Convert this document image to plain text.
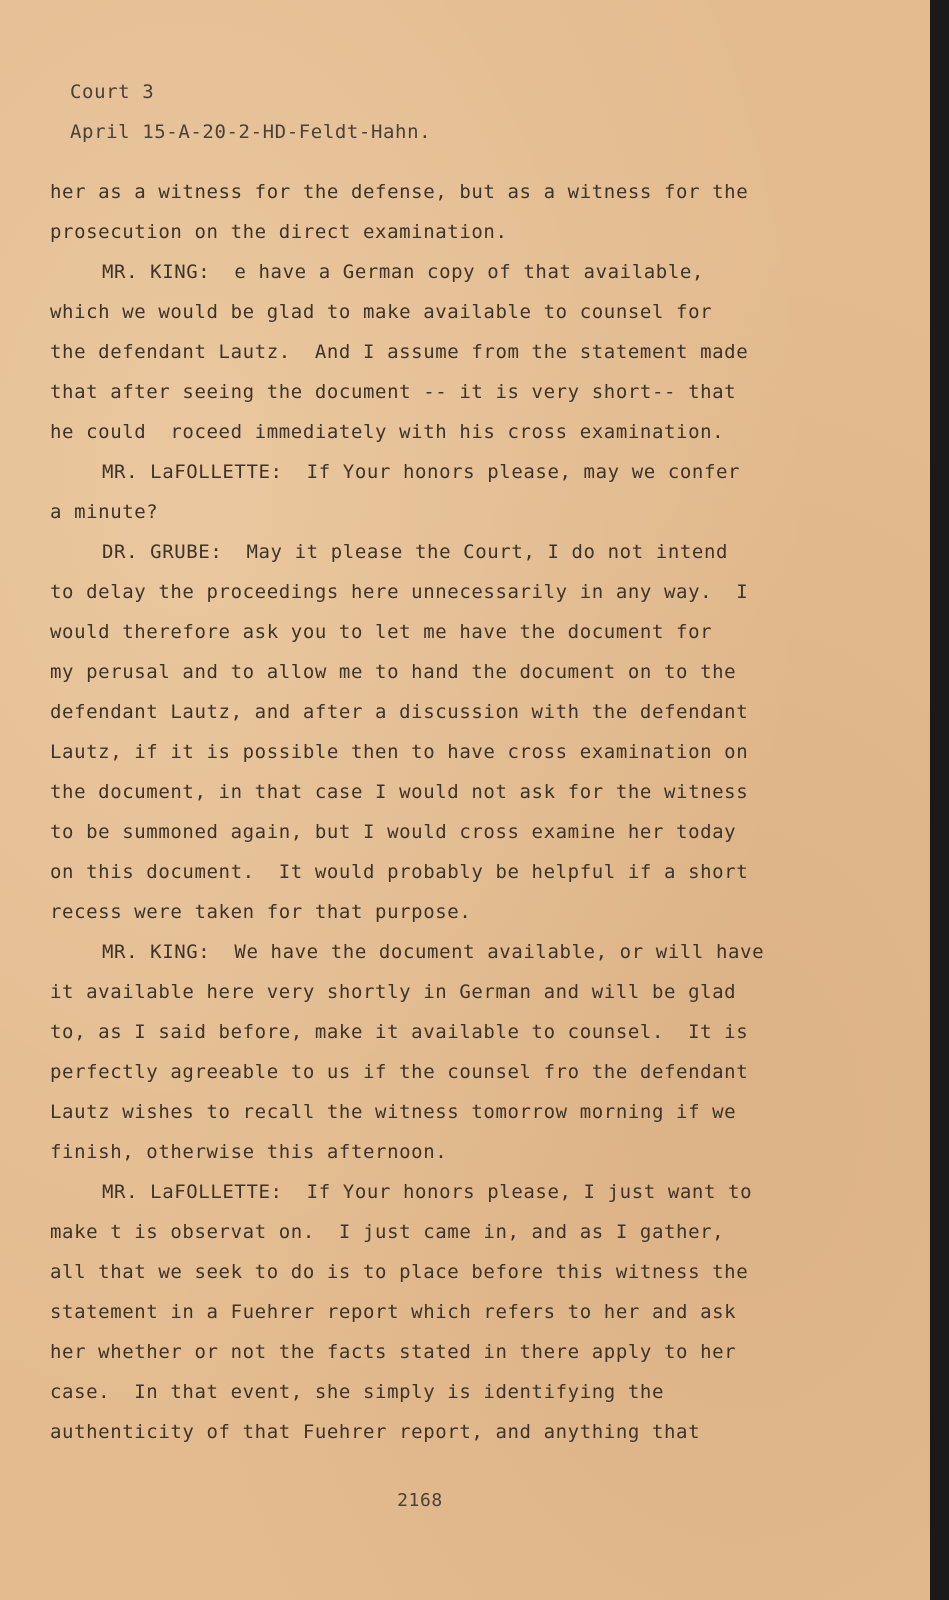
Court 3
April 15-A-20-2-HD-Feldt-Hahn.
her as a witness for the defense, but as a witness for the
prosecution on the direct examination.
MR. KING:  e have a German copy of that available,
which we would be glad to make available to counsel for
the defendant Lautz.  And I assume from the statement made
that after seeing the document -- it is very short-- that
he could  roceed immediately with his cross examination.
MR. LaFOLLETTE:  If Your honors please, may we confer
a minute?
DR. GRUBE:  May it please the Court, I do not intend
to delay the proceedings here unnecessarily in any way.  I
would therefore ask you to let me have the document for
my perusal and to allow me to hand the document on to the
defendant Lautz, and after a discussion with the defendant
Lautz, if it is possible then to have cross examination on
the document, in that case I would not ask for the witness
to be summoned again, but I would cross examine her today
on this document.  It would probably be helpful if a short
recess were taken for that purpose.
MR. KING:  We have the document available, or will have
it available here very shortly in German and will be glad
to, as I said before, make it available to counsel.  It is
perfectly agreeable to us if the counsel fro the defendant
Lautz wishes to recall the witness tomorrow morning if we
finish, otherwise this afternoon.
MR. LaFOLLETTE:  If Your honors please, I just want to
make t is observat on.  I just came in, and as I gather,
all that we seek to do is to place before this witness the
statement in a Fuehrer report which refers to her and ask
her whether or not the facts stated in there apply to her
case.  In that event, she simply is identifying the
authenticity of that Fuehrer report, and anything that
2168
